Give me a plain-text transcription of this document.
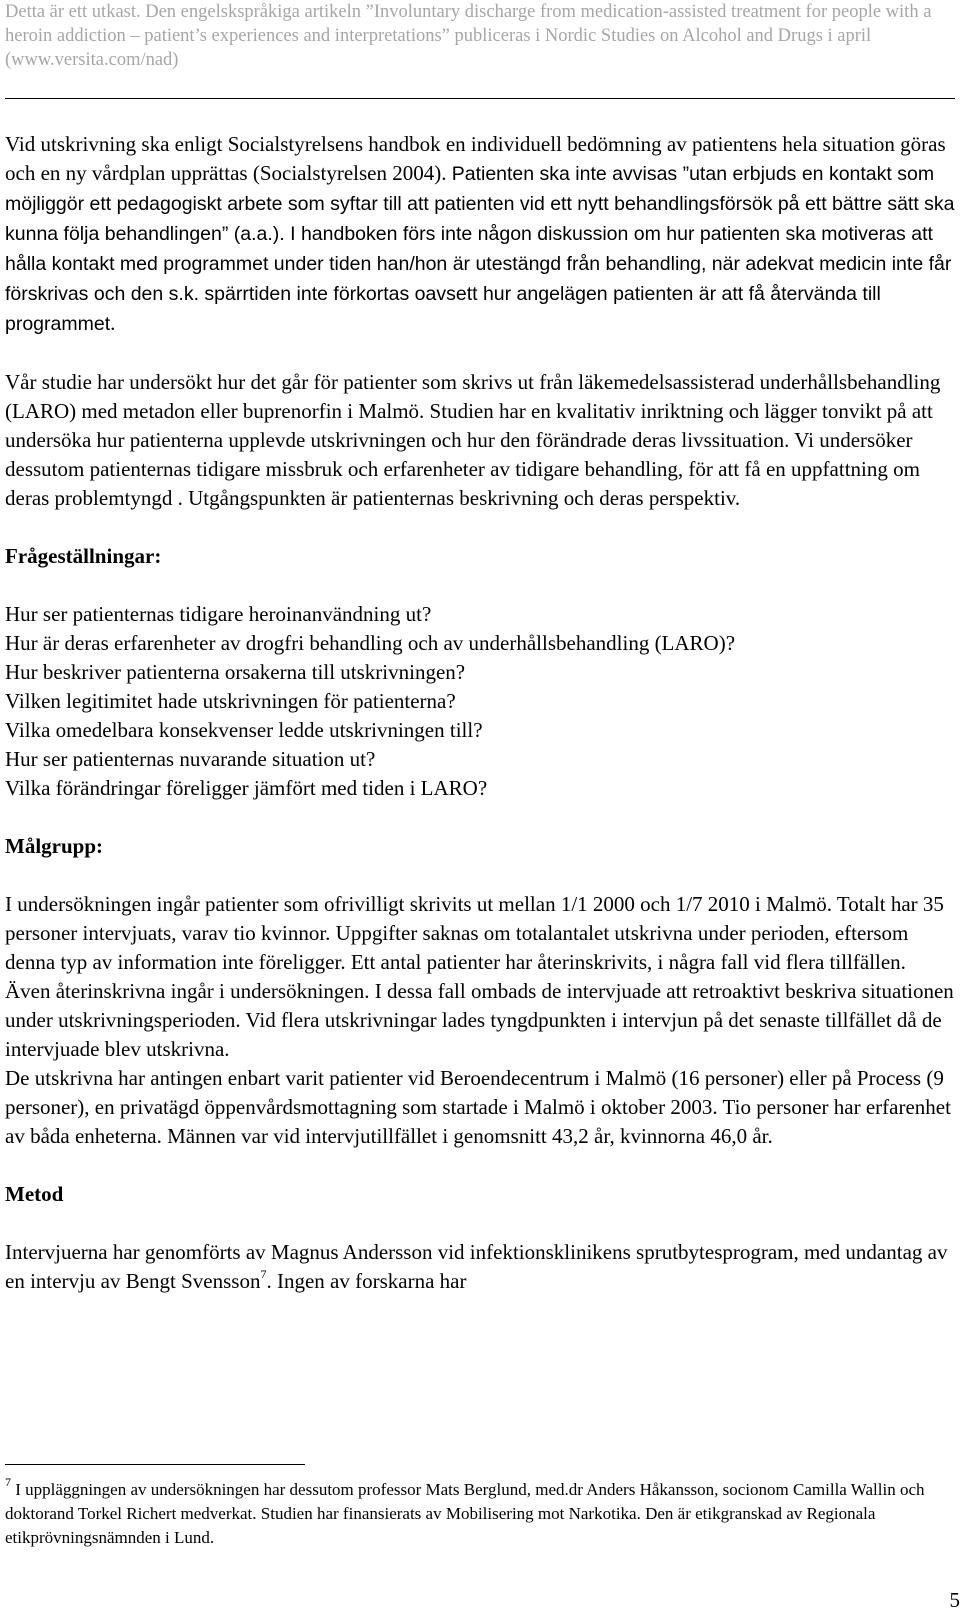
Detta är ett utkast. Den engelskspråkiga artikeln ”Involuntary discharge from medication-assisted treatment for people with a heroin addiction – patient’s experiences and interpretations” publiceras i Nordic Studies on Alcohol and Drugs i april (www.versita.com/nad)

Vid utskrivning ska enligt Socialstyrelsens handbok en individuell bedömning av patientens hela situation göras och en ny vårdplan upprättas (Socialstyrelsen 2004). Patienten ska inte avvisas ”utan erbjuds en kontakt som möjliggör ett pedagogiskt arbete som syftar till att patienten vid ett nytt behandlingsförsök på ett bättre sätt ska kunna följa behandlingen” (a.a.). I handboken förs inte någon diskussion om hur patienten ska motiveras att hålla kontakt med programmet under tiden han/hon är utestängd från behandling, när adekvat medicin inte får förskrivas och den s.k. spärrtiden inte förkortas oavsett hur angelägen patienten är att få återvända till programmet.

Vår studie har undersökt hur det går för patienter som skrivs ut från läkemedelsassisterad underhållsbehandling (LARO) med metadon eller buprenorfin i Malmö. Studien har en kvalitativ inriktning och lägger tonvikt på att undersöka hur patienterna upplevde utskrivningen och hur den förändrade deras livssituation. Vi undersöker dessutom patienternas tidigare missbruk och erfarenheter av tidigare behandling, för att få en uppfattning om deras problemtyngd . Utgångspunkten är patienternas beskrivning och deras perspektiv.

Frågeställningar:

Hur ser patienternas tidigare heroinanvändning ut?

Hur är deras erfarenheter av drogfri behandling och av underhållsbehandling (LARO)?

Hur beskriver patienterna orsakerna till utskrivningen?

Vilken legitimitet hade utskrivningen för patienterna?

Vilka omedelbara konsekvenser ledde utskrivningen till?

Hur ser patienternas nuvarande situation ut?

Vilka förändringar föreligger jämfört med tiden i LARO?

Målgrupp:

I undersökningen ingår patienter som ofrivilligt skrivits ut mellan 1/1 2000 och 1/7 2010 i Malmö. Totalt har 35 personer intervjuats, varav tio kvinnor. Uppgifter saknas om totalantalet utskrivna under perioden, eftersom denna typ av information inte föreligger. Ett antal patienter har återinskrivits, i några fall vid flera tillfällen. Även återinskrivna ingår i undersökningen. I dessa fall ombads de intervjuade att retroaktivt beskriva situationen under utskrivningsperioden. Vid flera utskrivningar lades tyngdpunkten i intervjun på det senaste tillfället då de intervjuade blev utskrivna.

De utskrivna har antingen enbart varit patienter vid Beroendecentrum i Malmö (16 personer) eller på Process (9 personer), en privatägd öppenvårdsmottagning som startade i Malmö i oktober 2003. Tio personer har erfarenhet av båda enheterna. Männen var vid intervjutillfället i genomsnitt 43,2 år, kvinnorna 46,0 år.

Metod

Intervjuerna har genomförts av Magnus Andersson vid infektionsklinikens sprutbytesprogram, med undantag av en intervju av Bengt Svensson$^7$. Ingen av forskarna har

$^7$ I uppläggningen av undersökningen har dessutom professor Mats Berglund, med.dr Anders Håkansson, socionom Camilla Wallin och doktorand Torkel Richert medverkat. Studien har finansierats av Mobilisering mot Narkotika. Den är etikgranskad av Regionala etikprövningsnämnden i Lund.
5
